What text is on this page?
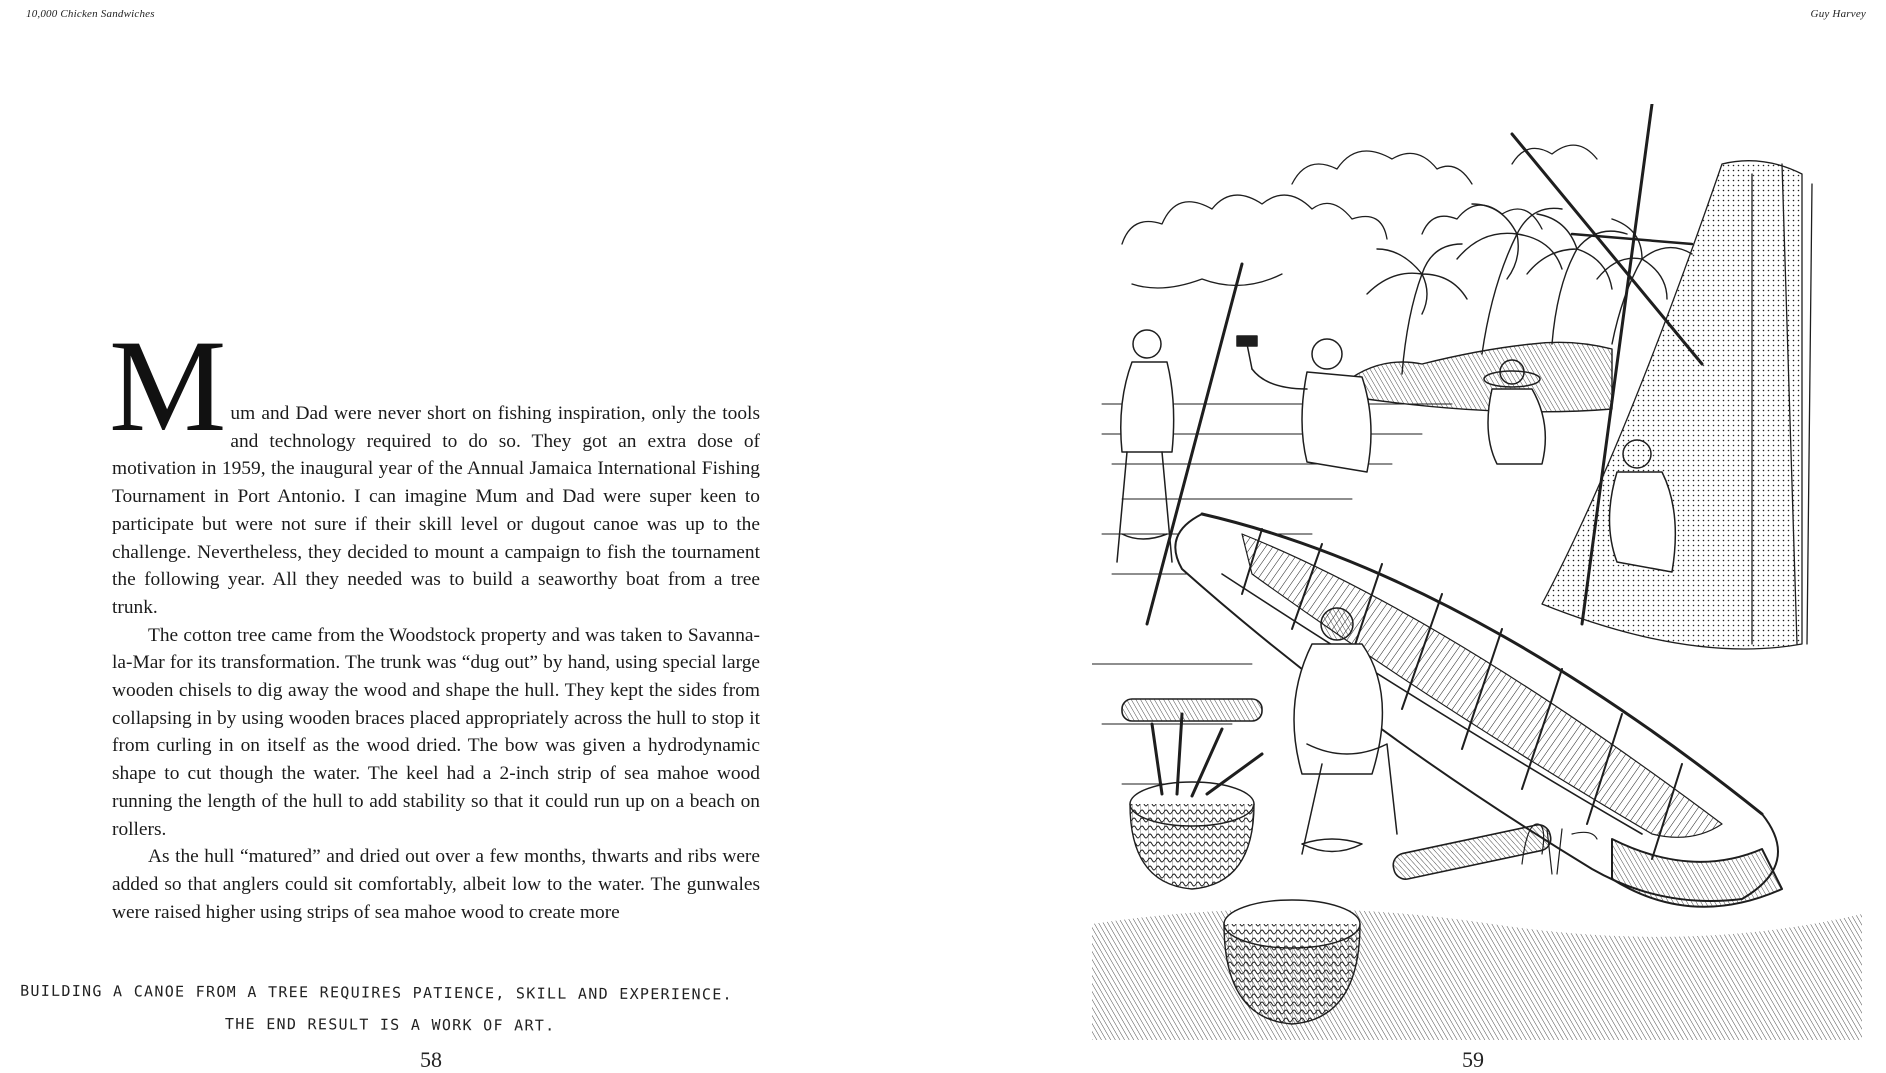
10,000 Chicken Sandwiches	Guy Harvey

Mum and Dad were never short on fishing inspiration, only the tools and technology required to do so. They got an extra dose of motivation in 1959, the inaugural year of the Annual Jamaica International Fishing Tournament in Port Antonio. I can imagine Mum and Dad were super keen to participate but were not sure if their skill level or dugout canoe was up to the challenge. Nevertheless, they decided to mount a campaign to fish the tournament the following year. All they needed was to build a seaworthy boat from a tree trunk.

The cotton tree came from the Woodstock property and was taken to Savanna-la-Mar for its transformation. The trunk was “dug out” by hand, using special large wooden chisels to dig away the wood and shape the hull. They kept the sides from collapsing in by using wooden braces placed appropriately across the hull to stop it from curling in on itself as the wood dried. The bow was given a hydrodynamic shape to cut though the water. The keel had a 2-inch strip of sea mahoe wood running the length of the hull to add stability so that it could run up on a beach on rollers.

As the hull “matured” and dried out over a few months, thwarts and ribs were added so that anglers could sit comfortably, albeit low to the water. The gunwales were raised higher using strips of sea mahoe wood to create more

BUILDING A CANOE FROM A TREE REQUIRES PATIENCE, SKILL AND EXPERIENCE.
THE END RESULT IS A WORK OF ART.
58	59
